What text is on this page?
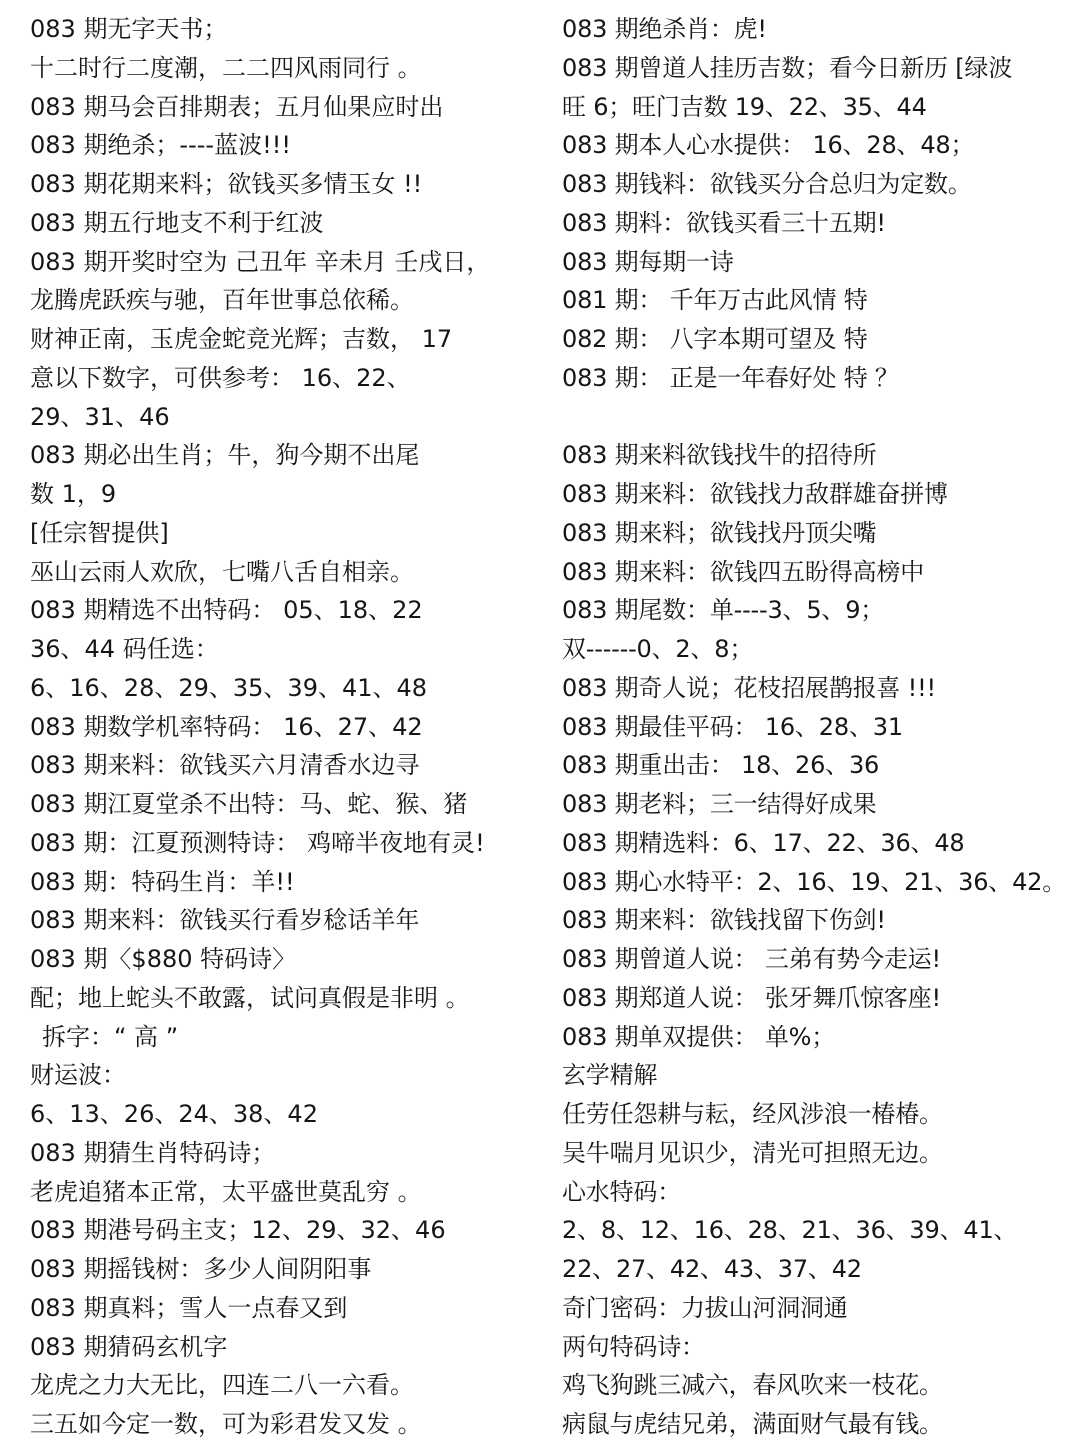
083 期无字天书；
十二时行二度潮，二二四风雨同行 。
083 期马会百排期表；五月仙果应时出
083 期绝杀；----蓝波!!!
083 期花期来料；欲钱买多情玉女 !!
083 期五行地支不利于红波
083 期开奖时空为 己丑年 辛未月 壬戌日，
龙腾虎跃疾与驰，百年世事总依稀。
财神正南，玉虎金蛇竞光辉；吉数， 17
意以下数字，可供参考： 16、22、
29、31、46
083 期必出生肖；牛，狗今期不出尾
数 1，9
[任宗智提供]
巫山云雨人欢欣，七嘴八舌自相亲。
083 期精选不出特码： 05、18、22
36、44 码任选：
6、16、28、29、35、39、41、48
083 期数学机率特码： 16、27、42
083 期来料：欲钱买六月清香水边寻
083 期江夏堂杀不出特：马、蛇、猴、猪
083 期：江夏预测特诗： 鸡啼半夜地有灵!
083 期：特码生肖：羊!!
083 期来料：欲钱买行看岁稔话羊年
083 期〈$880 特码诗〉
配；地上蛇头不敢露，试问真假是非明 。
拆字：“ 高 ”
财运波：
6、13、26、24、38、42
083 期猜生肖特码诗；
老虎追猪本正常，太平盛世莫乱穷 。
083 期港号码主支；12、29、32、46
083 期摇钱树：多少人间阴阳事
083 期真料；雪人一点春又到
083 期猜码玄机字
龙虎之力大无比，四连二八一六看。
三五如今定一数，可为彩君发又发 。
083 期绝杀肖：虎!
083 期曾道人挂历吉数；看今日新历 [绿波
旺 6；旺门吉数 19、22、35、44
083 期本人心水提供： 16、28、48；
083 期钱料：欲钱买分合总归为定数。
083 期料：欲钱买看三十五期!
083 期每期一诗
081 期： 千年万古此风情 特
082 期： 八字本期可望及 特
083 期： 正是一年春好处 特 ？
083 期来料欲钱找牛的招待所
083 期来料：欲钱找力敌群雄奋拼博
083 期来料；欲钱找丹顶尖嘴
083 期来料：欲钱四五盼得高榜中
083 期尾数：单----3、5、9；
双------0、2、8；
083 期奇人说；花枝招展鹊报喜 !!!
083 期最佳平码： 16、28、31
083 期重出击： 18、26、36
083 期老料；三一结得好成果
083 期精选料：6、17、22、36、48
083 期心水特平：2、16、19、21、36、42。
083 期来料：欲钱找留下伤剑!
083 期曾道人说： 三弟有势今走运!
083 期郑道人说： 张牙舞爪惊客座!
083 期单双提供： 单%；
玄学精解
任劳任怨耕与耘，经风涉浪一椿椿。
吴牛喘月见识少，清光可担照无边。
心水特码：
2、8、12、16、28、21、36、39、41、
22、27、42、43、37、42
奇门密码：力拔山河洞洞通
两句特码诗：
鸡飞狗跳三减六，春风吹来一枝花。
病鼠与虎结兄弟，满面财气最有钱。
